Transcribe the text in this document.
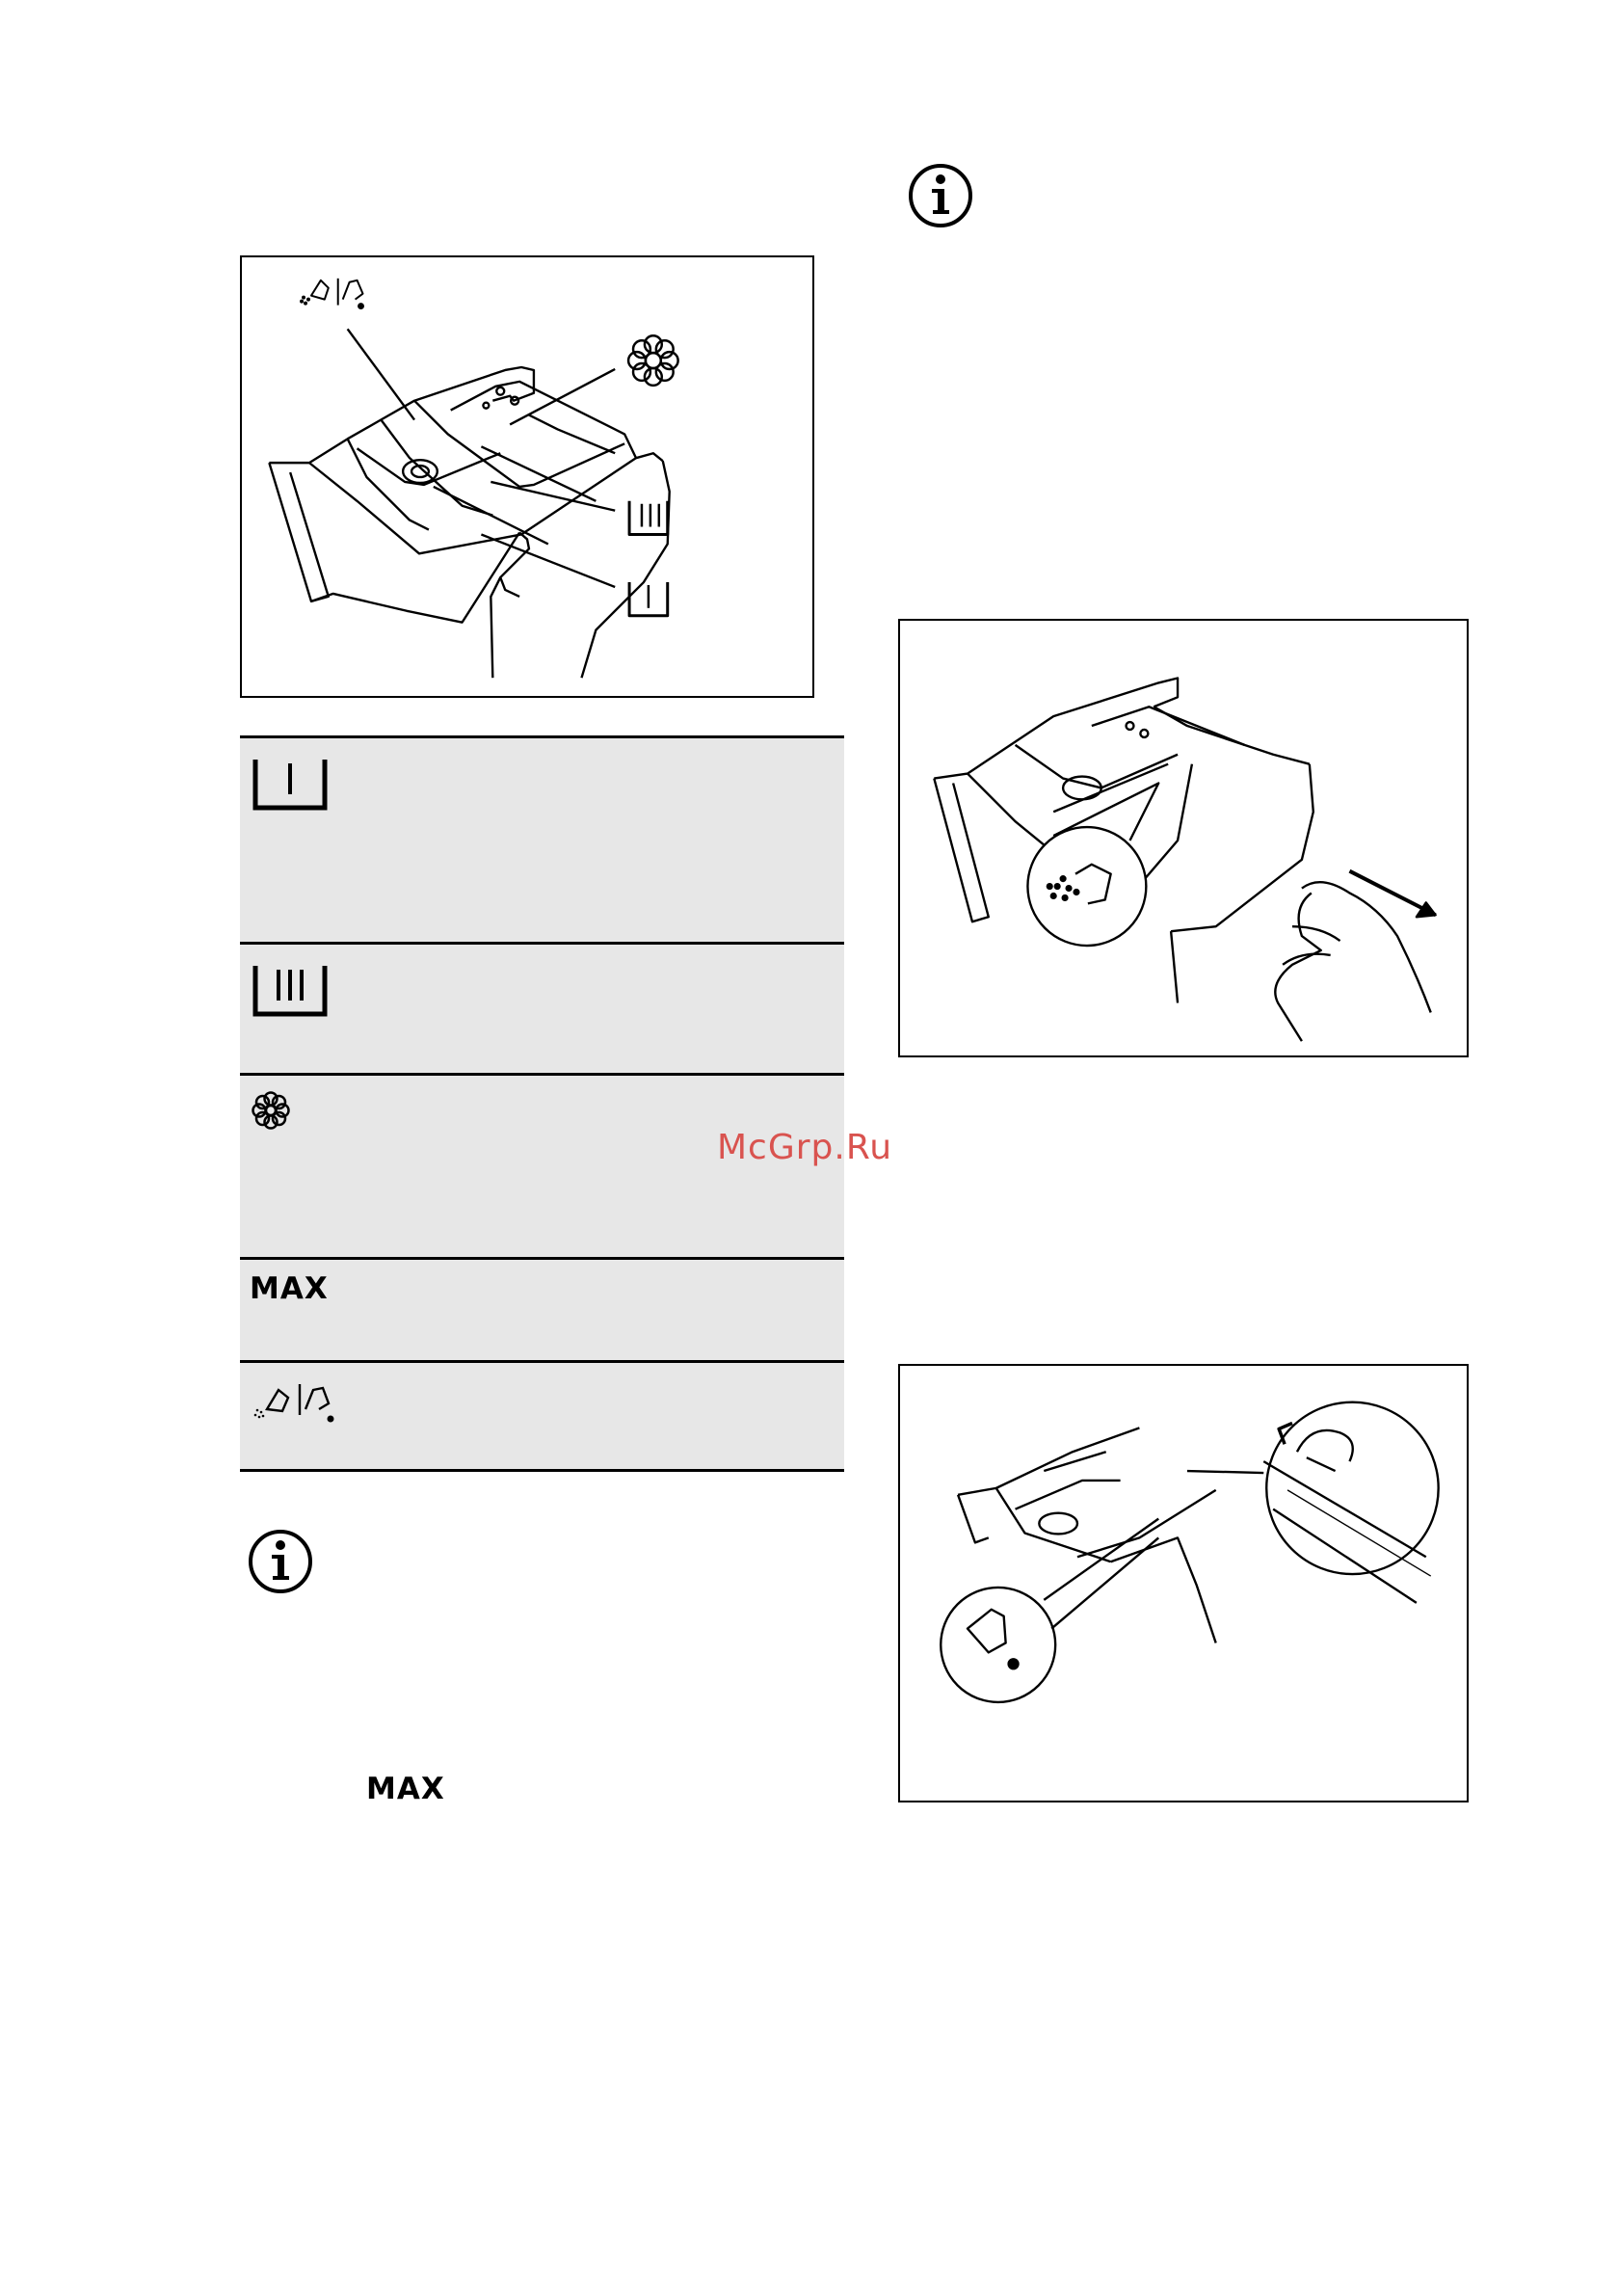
MAX
MAX
McGrp.Ru
